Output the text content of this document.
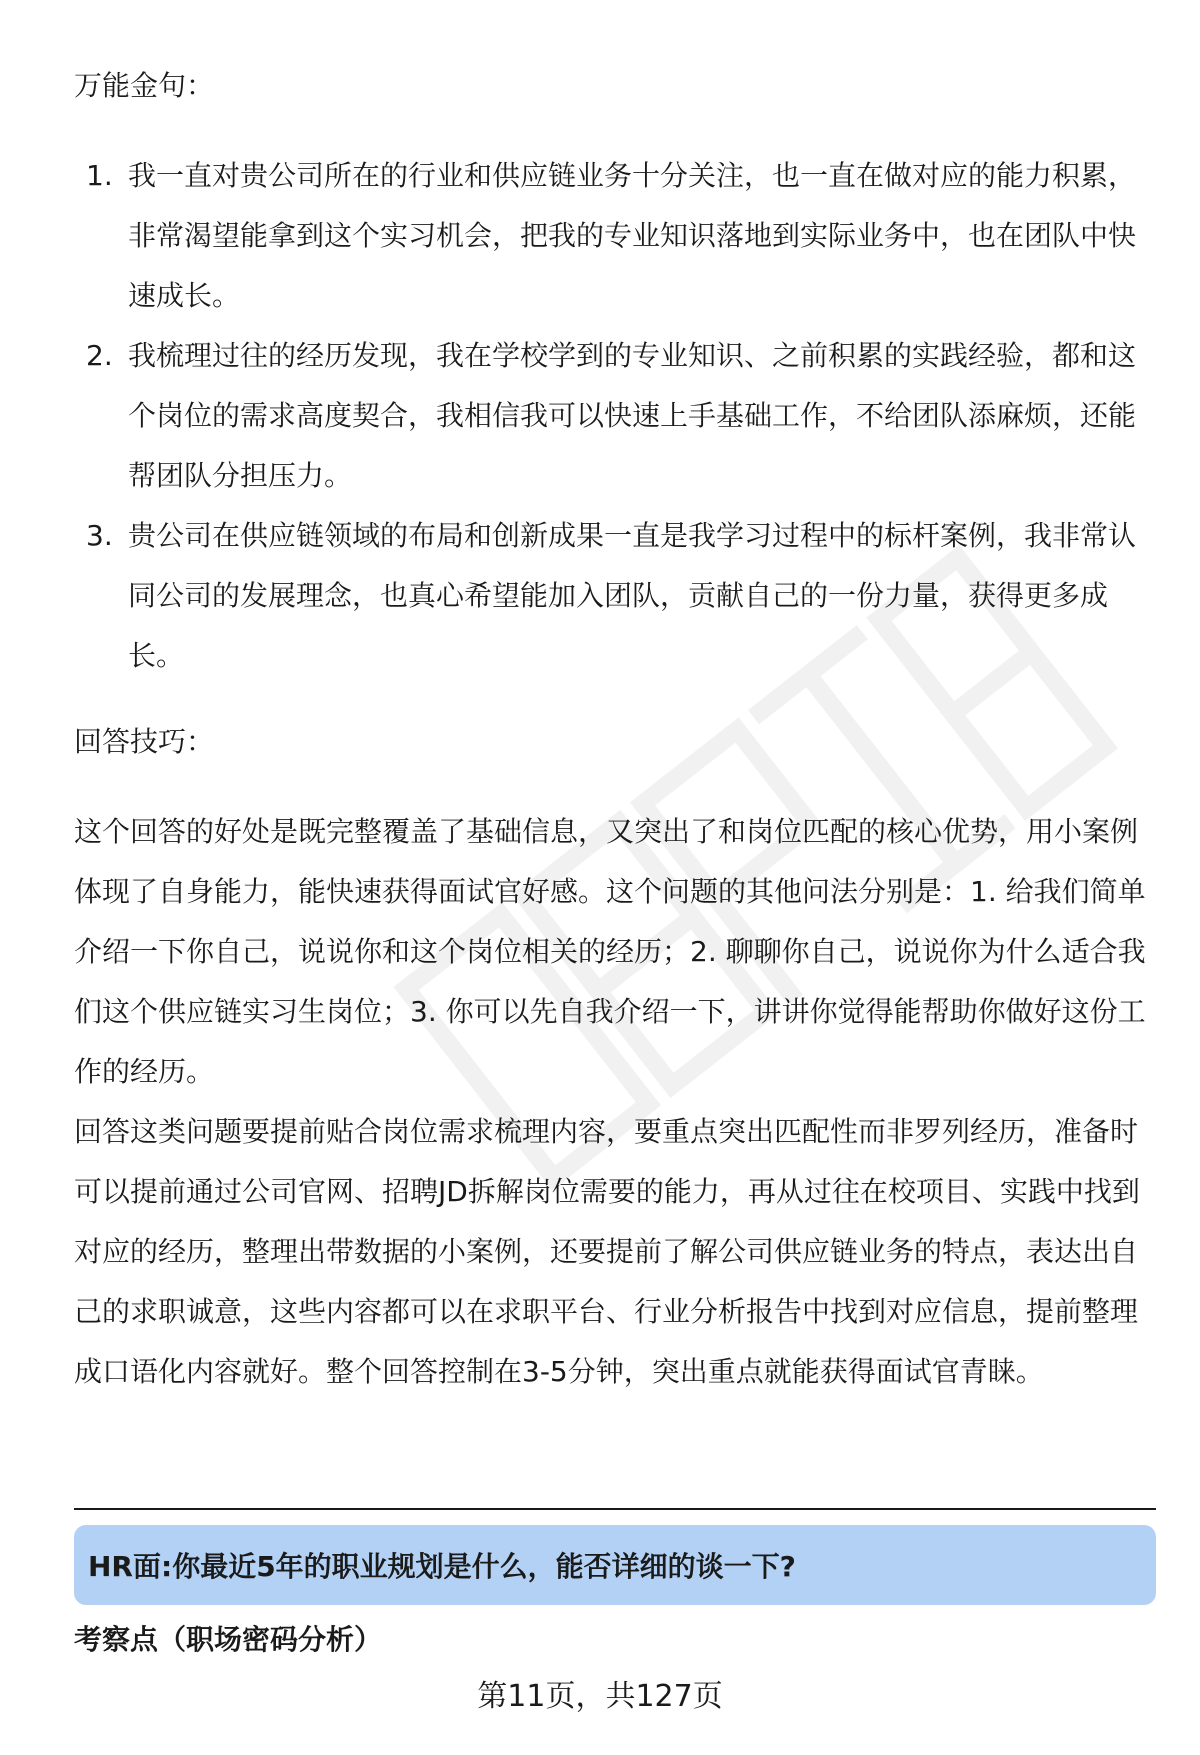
万能金句：
1. 我一直对贵公司所在的行业和供应链业务十分关注，也一直在做对应的能力积累，非常渴望能拿到这个实习机会，把我的专业知识落地到实际业务中，也在团队中快速成长。
2. 我梳理过往的经历发现，我在学校学到的专业知识、之前积累的实践经验，都和这个岗位的需求高度契合，我相信我可以快速上手基础工作，不给团队添麻烦，还能帮团队分担压力。
3. 贵公司在供应链领域的布局和创新成果一直是我学习过程中的标杆案例，我非常认同公司的发展理念，也真心希望能加入团队，贡献自己的一份力量，获得更多成长。
回答技巧：

这个回答的好处是既完整覆盖了基础信息，又突出了和岗位匹配的核心优势，用小案例体现了自身能力，能快速获得面试官好感。这个问题的其他问法分别是：1. 给我们简单介绍一下你自己，说说你和这个岗位相关的经历；2. 聊聊你自己，说说你为什么适合我们这个供应链实习生岗位；3. 你可以先自我介绍一下，讲讲你觉得能帮助你做好这份工作的经历。

回答这类问题要提前贴合岗位需求梳理内容，要重点突出匹配性而非罗列经历，准备时可以提前通过公司官网、招聘JD拆解岗位需要的能力，再从过往在校项目、实践中找到对应的经历，整理出带数据的小案例，还要提前了解公司供应链业务的特点，表达出自己的求职诚意，这些内容都可以在求职平台、行业分析报告中找到对应信息，提前整理成口语化内容就好。整个回答控制在3-5分钟，突出重点就能获得面试官青睐。

HR面:你最近5年的职业规划是什么，能否详细的谈一下?
考察点（职场密码分析）
第11页，共127页
